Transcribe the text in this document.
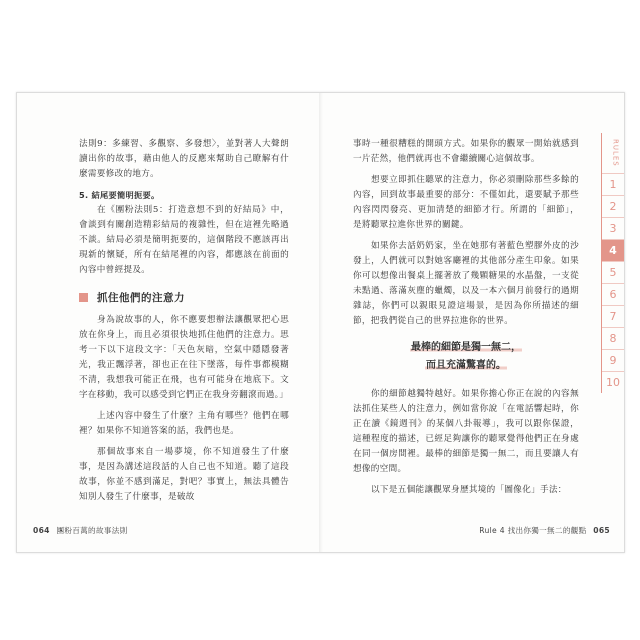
法則9：多練習、多觀察、多發想〉，並對著人大聲朗讀出你的故事，藉由他人的反應來幫助自己瞭解有什麼需要修改的地方。

5. 結尾要簡明扼要。

在《團粉法則5：打造意想不到的好結局》中，會談到有關創造精彩結局的複雜性，但在這裡先略過不談。結局必須是簡明扼要的，這個階段不應該再出現新的懷疑，所有在結尾裡的內容，都應該在前面的內容中曾經提及。

抓住他們的注意力

身為說故事的人，你不應要想辦法讓觀眾把心思放在你身上，而且必須很快地抓住他們的注意力。思考一下以下這段文字：「天色灰暗，空氣中隱隱發著光，我正飄浮著，卻也正在往下墜落，每件事都模糊不清，我想我可能正在飛，也有可能身在地底下。文字在移動，我可以感受到它們正在我身旁翻滾而過。」

上述內容中發生了什麼？主角有哪些？他們在哪裡？如果你不知道答案的話，我們也是。

那個故事來自一場夢境，你不知道發生了什麼事，是因為講述這段話的人自己也不知道。聽了這段故事，你並不感到滿足，對吧？事實上，無法具體告知別人發生了什麼事，是破故

064 團粉百萬的故事法則

事時一種很糟糕的開頭方式。如果你的觀眾一開始就感到一片茫然，他們就再也不會繼續關心這個故事。

想要立即抓住聽眾的注意力，你必須刪除那些多餘的內容，回到故事最重要的部分：不僅如此，還要賦予那些內容閃閃發亮、更加清楚的細節才行。所謂的「細節」，是將聽眾拉進你世界的關鍵。

如果你去話奶奶家，坐在她那有著藍色塑膠外皮的沙發上，人們就可以對她客廳裡的其他部分產生印象。如果你可以想像出餐桌上擺著放了幾顆糖果的水晶盤，一支從未點過、落滿灰塵的蠟燭，以及一本六個月前發行的過期雜誌，你們可以親眼見證這場景，是因為你所描述的細節，把我們從自己的世界拉進你的世界。

最棒的細節是獨一無二，
而且充滿驚喜的。

你的細節越獨特越好。如果你擔心你正在說的內容無法抓住某些人的注意力，例如當你說「在電話響起時，你正在讀《鏡週刊》的某個八卦報導」，我可以跟你保證，這種程度的描述，已經足夠讓你的聽眾覺得他們正在身處在同一個房間裡。最棒的細節是獨一無二，而且要讓人有想像的空間。

以下是五個能讓觀眾身歷其境的「圖像化」手法：

RULES
1
2
3
4
5
6
7
8
9
10
Rule 4 找出你獨一無二的觀點 065
